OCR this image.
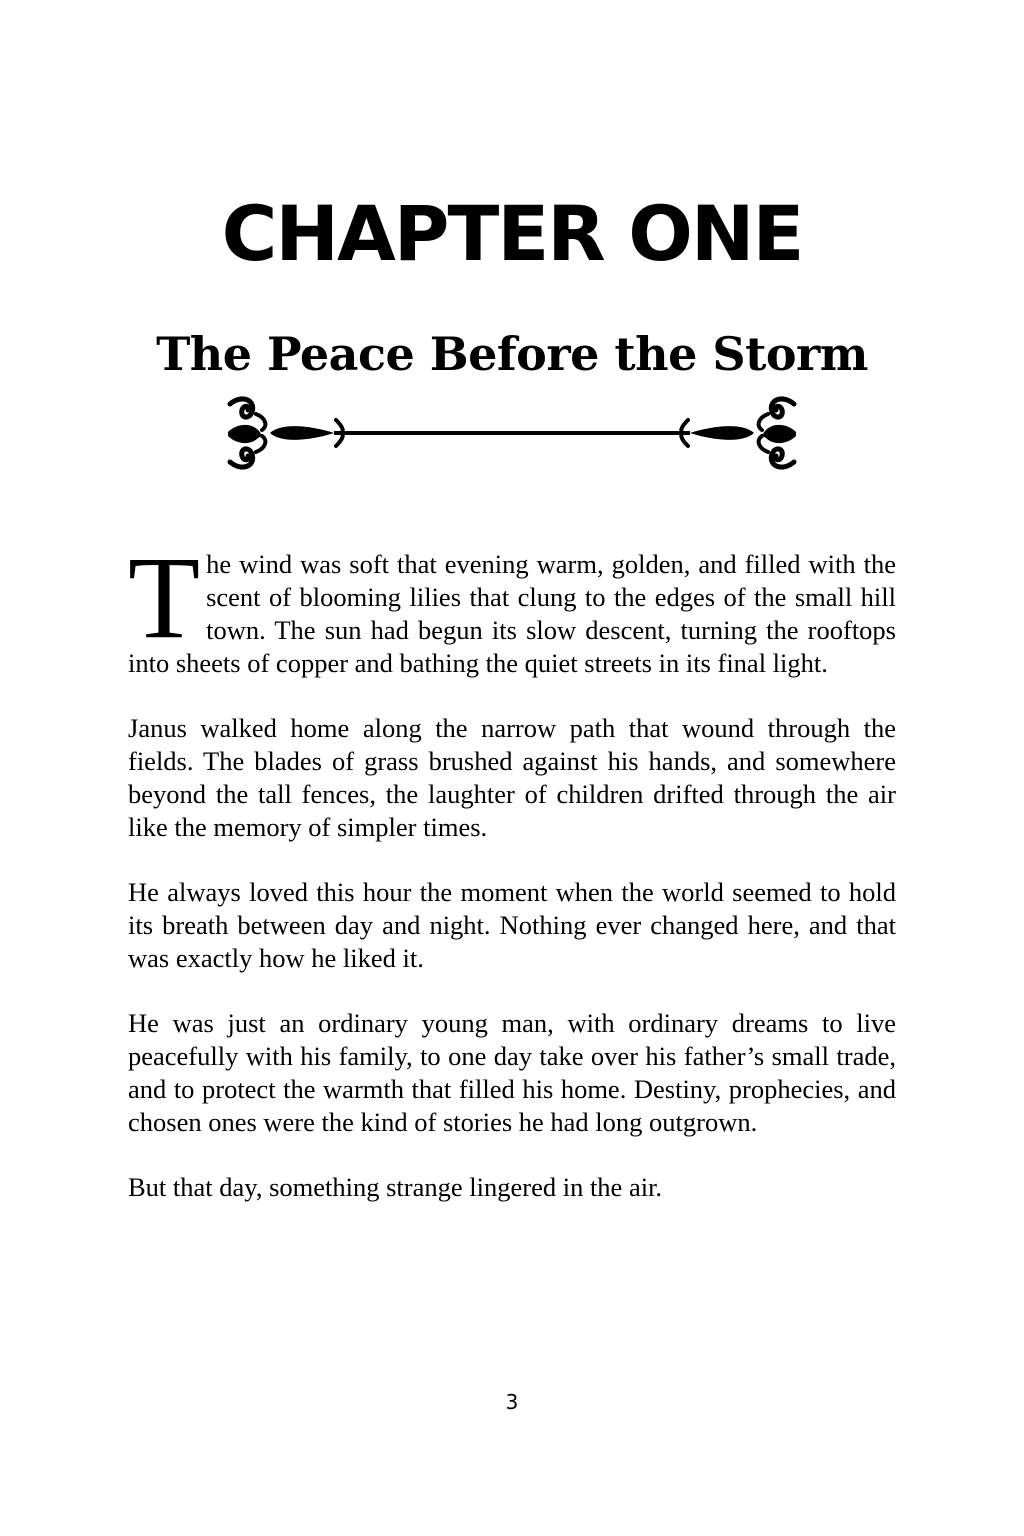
CHAPTER ONE
The Peace Before the Storm

The wind was soft that evening warm, golden, and filled with the scent of blooming lilies that clung to the edges of the small hill town. The sun had begun its slow descent, turning the rooftops into sheets of copper and bathing the quiet streets in its final light.

Janus walked home along the narrow path that wound through the fields. The blades of grass brushed against his hands, and somewhere beyond the tall fences, the laughter of children drifted through the air like the memory of simpler times.

He always loved this hour the moment when the world seemed to hold its breath between day and night. Nothing ever changed here, and that was exactly how he liked it.

He was just an ordinary young man, with ordinary dreams to live peacefully with his family, to one day take over his father’s small trade, and to protect the warmth that filled his home. Destiny, prophecies, and chosen ones were the kind of stories he had long outgrown.

But that day, something strange lingered in the air.

3
